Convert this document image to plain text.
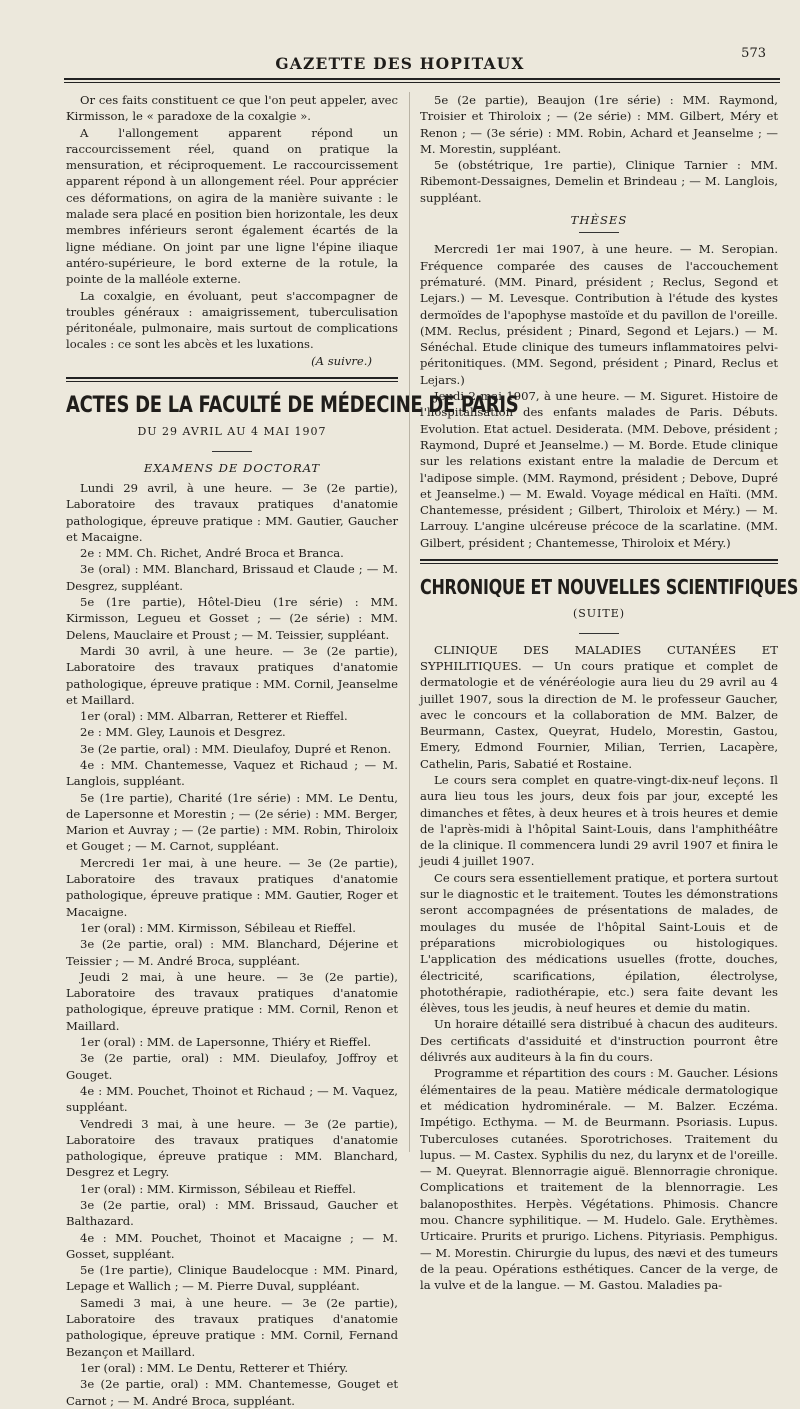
573
GAZETTE DES HOPITAUX

Or ces faits constituent ce que l'on peut appeler, avec Kirmisson, le « paradoxe de la coxalgie ».

A l'allongement apparent répond un raccourcissement réel, quand on pratique la mensuration, et réciproquement. Le raccourcissement apparent répond à un allongement réel. Pour apprécier ces déformations, on agira de la manière suivante : le malade sera placé en position bien horizontale, les deux membres inférieurs seront également écartés de la ligne médiane. On joint par une ligne l'épine iliaque antéro-supérieure, le bord externe de la rotule, la pointe de la malléole externe.

La coxalgie, en évoluant, peut s'accompagner de troubles généraux : amaigrissement, tuberculisation péritonéale, pulmonaire, mais surtout de complications locales : ce sont les abcès et les luxations.

(A suivre.)
ACTES DE LA FACULTÉ DE MÉDECINE DE PARIS
DU 29 AVRIL AU 4 MAI 1907
EXAMENS DE DOCTORAT

Lundi 29 avril, à une heure. — 3e (2e partie), Laboratoire des travaux pratiques d'anatomie pathologique, épreuve pratique : MM. Gautier, Gaucher et Macaigne.

2e : MM. Ch. Richet, André Broca et Branca.

3e (oral) : MM. Blanchard, Brissaud et Claude ; — M. Desgrez, suppléant.

5e (1re partie), Hôtel-Dieu (1re série) : MM. Kirmisson, Legueu et Gosset ; — (2e série) : MM. Delens, Mauclaire et Proust ; — M. Teissier, suppléant.

Mardi 30 avril, à une heure. — 3e (2e partie), Laboratoire des travaux pratiques d'anatomie pathologique, épreuve pratique : MM. Cornil, Jeanselme et Maillard.

1er (oral) : MM. Albarran, Retterer et Rieffel.

2e : MM. Gley, Launois et Desgrez.

3e (2e partie, oral) : MM. Dieulafoy, Dupré et Renon.

4e : MM. Chantemesse, Vaquez et Richaud ; — M. Langlois, suppléant.

5e (1re partie), Charité (1re série) : MM. Le Dentu, de Lapersonne et Morestin ; — (2e série) : MM. Berger, Marion et Auvray ; — (2e partie) : MM. Robin, Thiroloix et Gouget ; — M. Carnot, suppléant.

Mercredi 1er mai, à une heure. — 3e (2e partie), Laboratoire des travaux pratiques d'anatomie pathologique, épreuve pratique : MM. Gautier, Roger et Macaigne.

1er (oral) : MM. Kirmisson, Sébileau et Rieffel.

3e (2e partie, oral) : MM. Blanchard, Déjerine et Teissier ; — M. André Broca, suppléant.

Jeudi 2 mai, à une heure. — 3e (2e partie), Laboratoire des travaux pratiques d'anatomie pathologique, épreuve pratique : MM. Cornil, Renon et Maillard.

1er (oral) : MM. de Lapersonne, Thiéry et Rieffel.

3e (2e partie, oral) : MM. Dieulafoy, Joffroy et Gouget.

4e : MM. Pouchet, Thoinot et Richaud ; — M. Vaquez, suppléant.

Vendredi 3 mai, à une heure. — 3e (2e partie), Laboratoire des travaux pratiques d'anatomie pathologique, épreuve pratique : MM. Blanchard, Desgrez et Legry.

1er (oral) : MM. Kirmisson, Sébileau et Rieffel.

3e (2e partie, oral) : MM. Brissaud, Gaucher et Balthazard.

4e : MM. Pouchet, Thoinot et Macaigne ; — M. Gosset, suppléant.

5e (1re partie), Clinique Baudelocque : MM. Pinard, Lepage et Wallich ; — M. Pierre Duval, suppléant.

Samedi 3 mai, à une heure. — 3e (2e partie), Laboratoire des travaux pratiques d'anatomie pathologique, épreuve pratique : MM. Cornil, Fernand Bezançon et Maillard.

1er (oral) : MM. Le Dentu, Retterer et Thiéry.

3e (2e partie, oral) : MM. Chantemesse, Gouget et Carnot ; — M. André Broca, suppléant.

5e (2e partie), Beaujon (1re série) : MM. Raymond, Troisier et Thiroloix ; — (2e série) : MM. Gilbert, Méry et Renon ; — (3e série) : MM. Robin, Achard et Jeanselme ; — M. Morestin, suppléant.

5e (obstétrique, 1re partie), Clinique Tarnier : MM. Ribemont-Dessaignes, Demelin et Brindeau ; — M. Langlois, suppléant.

THÈSES

Mercredi 1er mai 1907, à une heure. — M. Seropian. Fréquence comparée des causes de l'accouchement prématuré. (MM. Pinard, président ; Reclus, Segond et Lejars.) — M. Levesque. Contribution à l'étude des kystes dermoïdes de l'apophyse mastoïde et du pavillon de l'oreille. (MM. Reclus, président ; Pinard, Segond et Lejars.) — M. Sénéchal. Etude clinique des tumeurs inflammatoires pelvi-péritonitiques. (MM. Segond, président ; Pinard, Reclus et Lejars.)

Jeudi 2 mai 1907, à une heure. — M. Siguret. Histoire de l'hospitalisation des enfants malades de Paris. Débuts. Evolution. Etat actuel. Desiderata. (MM. Debove, président ; Raymond, Dupré et Jeanselme.) — M. Borde. Etude clinique sur les relations existant entre la maladie de Dercum et l'adipose simple. (MM. Raymond, président ; Debove, Dupré et Jeanselme.) — M. Ewald. Voyage médical en Haïti. (MM. Chantemesse, président ; Gilbert, Thiroloix et Méry.) — M. Larrouy. L'angine ulcéreuse précoce de la scarlatine. (MM. Gilbert, président ; Chantemesse, Thiroloix et Méry.)

CHRONIQUE ET NOUVELLES SCIENTIFIQUES
(SUITE)

CLINIQUE DES MALADIES CUTANÉES ET SYPHILITIQUES. — Un cours pratique et complet de dermatologie et de vénéréologie aura lieu du 29 avril au 4 juillet 1907, sous la direction de M. le professeur Gaucher, avec le concours et la collaboration de MM. Balzer, de Beurmann, Castex, Queyrat, Hudelo, Morestin, Gastou, Emery, Edmond Fournier, Milian, Terrien, Lacapère, Cathelin, Paris, Sabatié et Rostaine.

Le cours sera complet en quatre-vingt-dix-neuf leçons. Il aura lieu tous les jours, deux fois par jour, excepté les dimanches et fêtes, à deux heures et à trois heures et demie de l'après-midi à l'hôpital Saint-Louis, dans l'amphithéâtre de la clinique. Il commencera lundi 29 avril 1907 et finira le jeudi 4 juillet 1907.

Ce cours sera essentiellement pratique, et portera surtout sur le diagnostic et le traitement. Toutes les démonstrations seront accompagnées de présentations de malades, de moulages du musée de l'hôpital Saint-Louis et de préparations microbiologiques ou histologiques. L'application des médications usuelles (frotte, douches, électricité, scarifications, épilation, électrolyse, photothérapie, radiothérapie, etc.) sera faite devant les élèves, tous les jeudis, à neuf heures et demie du matin.

Un horaire détaillé sera distribué à chacun des auditeurs. Des certificats d'assiduité et d'instruction pourront être délivrés aux auditeurs à la fin du cours.

Programme et répartition des cours : M. Gaucher. Lésions élémentaires de la peau. Matière médicale dermatologique et médication hydrominérale. — M. Balzer. Eczéma. Impétigo. Ecthyma. — M. de Beurmann. Psoriasis. Lupus. Tuberculoses cutanées. Sporotrichoses. Traitement du lupus. — M. Castex. Syphilis du nez, du larynx et de l'oreille. — M. Queyrat. Blennorragie aiguë. Blennorragie chronique. Complications et traitement de la blennorragie. Les balanoposthites. Herpès. Végétations. Phimosis. Chancre mou. Chancre syphilitique. — M. Hudelo. Gale. Erythèmes. Urticaire. Prurits et prurigo. Lichens. Pityriasis. Pemphigus. — M. Morestin. Chirurgie du lupus, des nævi et des tumeurs de la peau. Opérations esthétiques. Cancer de la verge, de la vulve et de la langue. — M. Gastou. Maladies pa-
